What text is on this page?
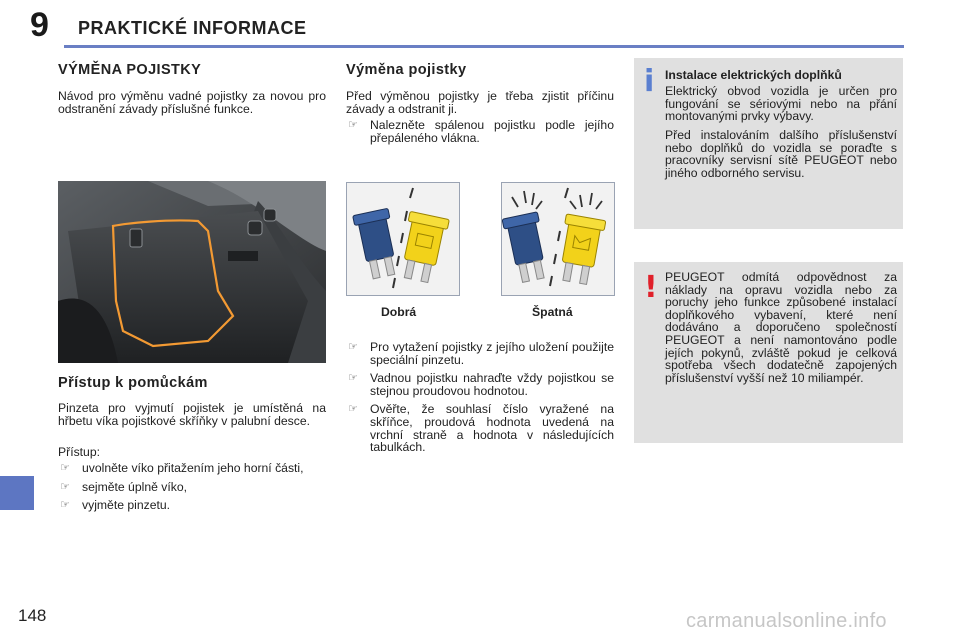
9 PRAKTICKÉ INFORMACE
148	carmanualsonline.info
VÝMĚNA POJISTKY

Návod pro výměnu vadné pojistky za novou pro odstranění závady příslušné funkce.

Přístup k pomůckám

Pinzeta pro vyjmutí pojistek je umístěná na hřbetu víka pojistkové skříňky v palubní desce.

Přístup:

☞ uvolněte víko přitažením jeho horní části,
☞ sejměte úplně víko,
☞ vyjměte pinzetu.
Výměna pojistky

Před výměnou pojistky je třeba zjistit příčinu závady a odstranit ji.

☞ Nalezněte spálenou pojistku podle jejího přepáleného vlákna.
Dobrá	Špatná
☞ Pro vytažení pojistky z jejího uložení použijte speciální pinzetu.
☞ Vadnou pojistku nahraďte vždy pojistkou se stejnou proudovou hodnotou.
☞ Ověřte, že souhlasí číslo vyražené na skříňce, proudová hodnota uvedená na vrchní straně a hodnota v následujících tabulkách.
i Instalace elektrických doplňků

Elektrický obvod vozidla je určen pro fungování se sériovými nebo na přání montovanými prvky výbavy.

Před instalováním dalšího příslušenství nebo doplňků do vozidla se poraďte s pracovníky servisní sítě PEUGEOT nebo jiného odborného servisu.

! PEUGEOT odmítá odpovědnost za náklady na opravu vozidla nebo za poruchy jeho funkce způsobené instalací doplňkového vybavení, které není dodáváno a doporučeno společností PEUGEOT a není namontováno podle jejích pokynů, zvláště pokud je celková spotřeba všech dodatečně zapojených příslušenství vyšší než 10 miliampér.
